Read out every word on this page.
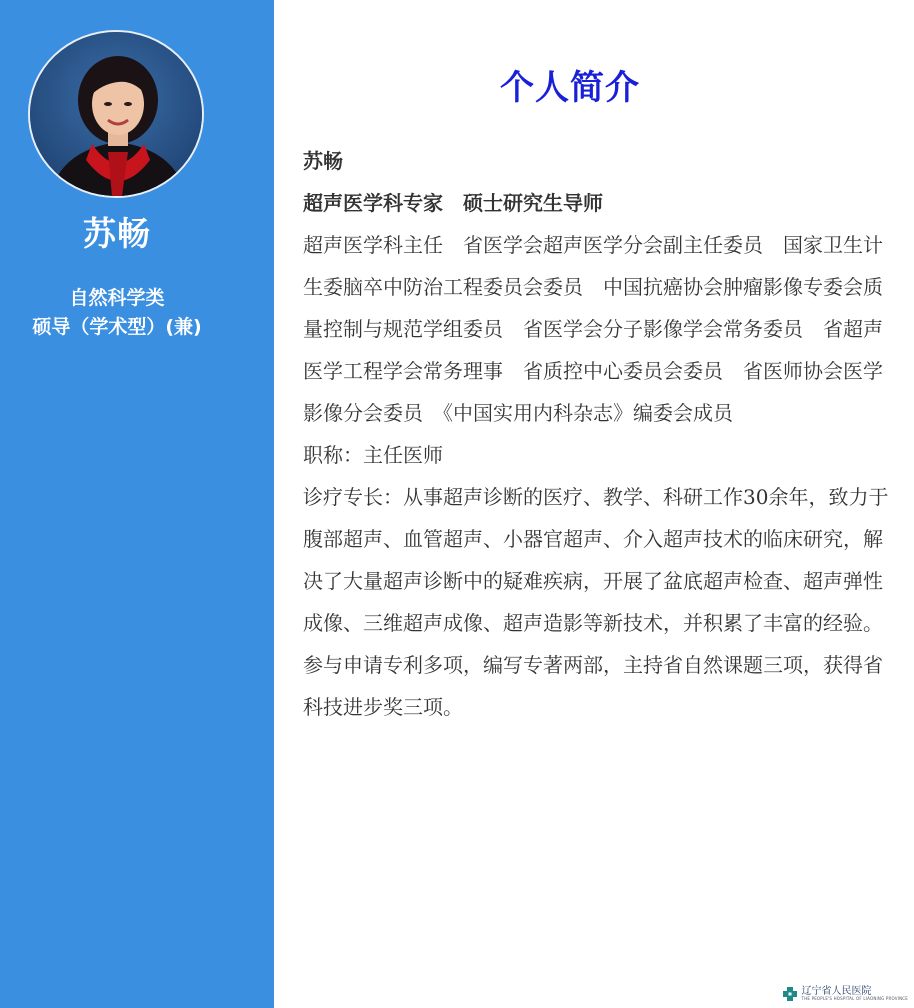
苏畅
自然科学类
硕导（学术型）(兼)
个人简介

苏畅

超声医学科专家　硕士研究生导师

超声医学科主任　省医学会超声医学分会副主任委员　国家卫生计生委脑卒中防治工程委员会委员　中国抗癌协会肿瘤影像专委会质量控制与规范学组委员　省医学会分子影像学会常务委员　省超声医学工程学会常务理事　省质控中心委员会委员　省医师协会医学影像分会委员　《中国实用内科杂志》编委会成员

职称：主任医师

诊疗专长：从事超声诊断的医疗、教学、科研工作30余年，致力于腹部超声、血管超声、小器官超声、介入超声技术的临床研究，解决了大量超声诊断中的疑难疾病，开展了盆底超声检查、超声弹性成像、三维超声成像、超声造影等新技术，并积累了丰富的经验。参与申请专利多项，编写专著两部，主持省自然课题三项，获得省科技进步奖三项。

辽宁省人民医院
THE PEOPLE'S HOSPITAL OF LIAONING PROVINCE
